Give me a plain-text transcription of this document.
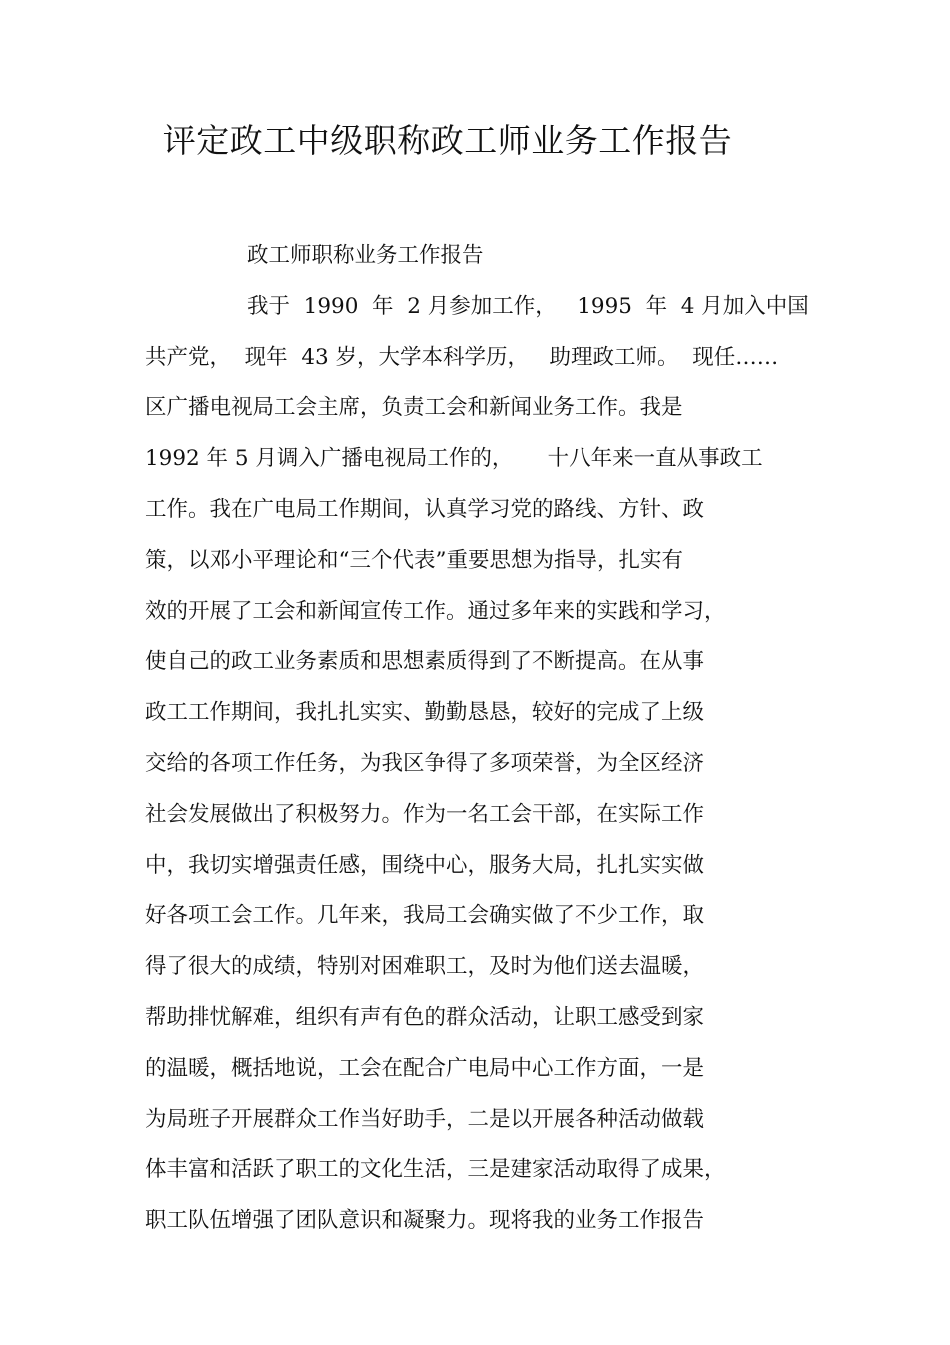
评定政工中级职称政工师业务工作报告
政工师职称业务工作报告
我于  1990  年  2 月参加工作，   1995  年  4 月加入中国
共产党，  现年  43 岁，大学本科学历，   助理政工师。  现任……
区广播电视局工会主席，负责工会和新闻业务工作。我是
1992 年 5 月调入广播电视局工作的，     十八年来一直从事政工
工作。我在广电局工作期间，认真学习党的路线、方针、政
策，以邓小平理论和“三个代表”重要思想为指导，扎实有
效的开展了工会和新闻宣传工作。通过多年来的实践和学习，
使自己的政工业务素质和思想素质得到了不断提高。在从事
政工工作期间，我扎扎实实、勤勤恳恳，较好的完成了上级
交给的各项工作任务，为我区争得了多项荣誉，为全区经济
社会发展做出了积极努力。作为一名工会干部，在实际工作
中，我切实增强责任感，围绕中心，服务大局，扎扎实实做
好各项工会工作。几年来，我局工会确实做了不少工作，取
得了很大的成绩，特别对困难职工，及时为他们送去温暖，
帮助排忧解难，组织有声有色的群众活动，让职工感受到家
的温暖，概括地说，工会在配合广电局中心工作方面，一是
为局班子开展群众工作当好助手，二是以开展各种活动做载
体丰富和活跃了职工的文化生活，三是建家活动取得了成果，
职工队伍增强了团队意识和凝聚力。现将我的业务工作报告
